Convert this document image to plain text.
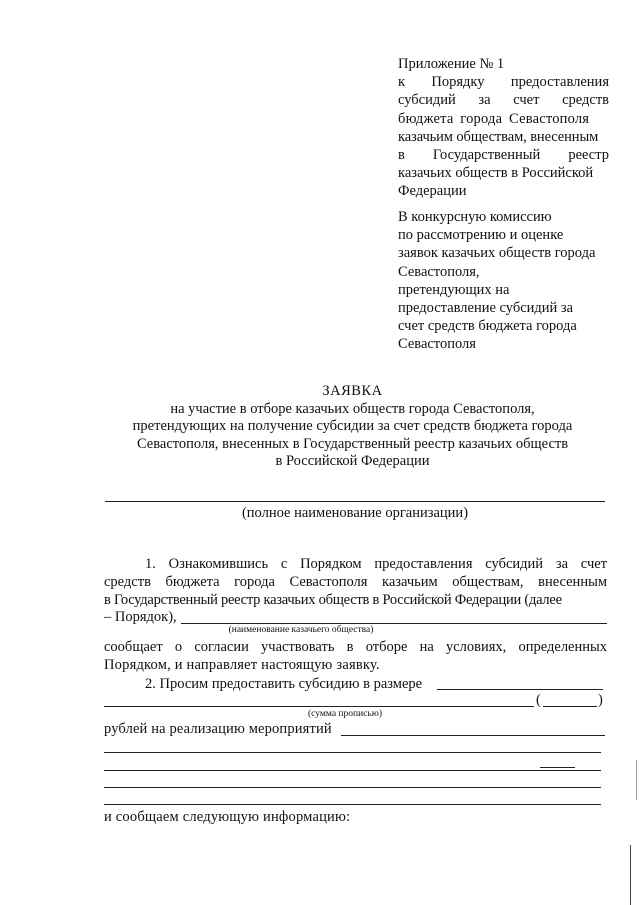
Приложение № 1
к Порядку предоставления
субсидий за счет средств
бюджета города Севастополя
казачьим обществам, внесенным
в Государственный реестр
казачьих обществ в Российской
Федерации
В конкурсную комиссию
по рассмотрению и оценке
заявок казачьих обществ города
Севастополя,
претендующих на
предоставление субсидий за
счет средств бюджета города
Севастополя
ЗАЯВКА
на участие в отборе казачьих обществ города Севастополя,
претендующих на получение субсидии за счет средств бюджета города
Севастополя, внесенных в Государственный реестр казачьих обществ
в Российской Федерации
(полное наименование организации)
1. Ознакомившись с Порядком предоставления субсидий за счет
средств бюджета города Севастополя казачьим обществам, внесенным
в Государственный реестр казачьих обществ в Российской Федерации (далее
– Порядок),
(наименование казачьего общества)
сообщает о согласии участвовать в отборе на условиях, определенных
Порядком, и направляет настоящую заявку.
2. Просим предоставить субсидию в размере
(	)
(сумма прописью)
рублей на реализацию мероприятий
и сообщаем следующую информацию:
